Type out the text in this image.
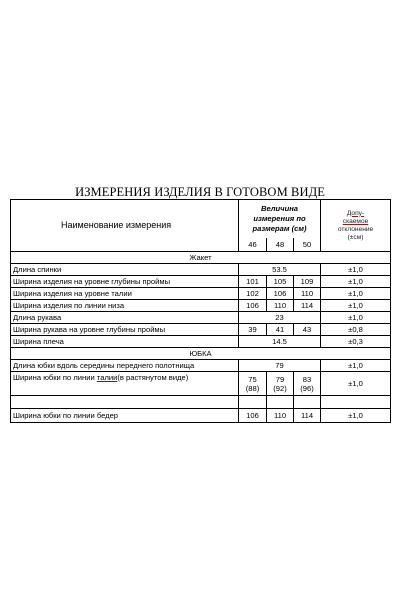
ИЗМЕРЕНИЯ ИЗДЕЛИЯ В ГОТОВОМ ВИДЕ
Наименование измерения	Величина измерения по размерам (см)			Допу-
скаемое
отклонение
(±см)
	46	48	50	
Жакет				
Длина спинки	53.5			±1,0
Ширина изделия на уровне глубины проймы	101	105	109	±1,0
Ширина изделия на уровне талии	102	106	110	±1,0
Ширина изделия по линии низа	106	110	114	±1,0
Длина рукава	23			±1,0
Ширина рукава на уровне глубины проймы	39	41	43	±0,8
Ширина плеча	14.5			±0,3
ЮБКА				
Длина юбки вдоль середины переднего полотнища	79			±1,0
Ширина юбки по линии талии(в растянутом виде)	75
(88)	79
(92)	83
(96)	±1,0

Ширина юбки по линии бедер	106	110	114	±1,0
